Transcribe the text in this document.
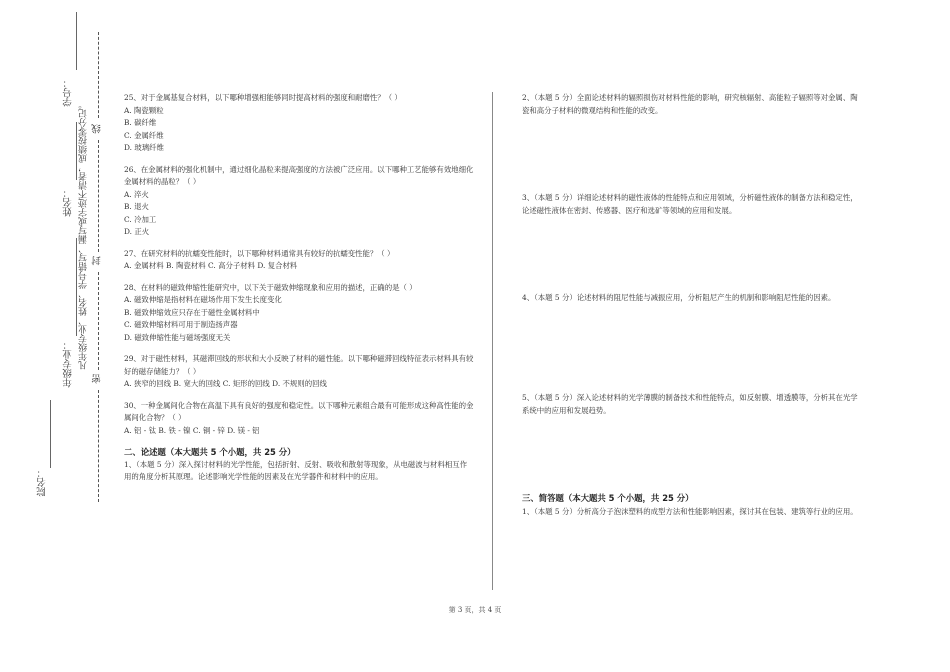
学号：
姓名：
年级专业：
院名：
凡年级专业、姓名、学号错写、漏写或字迹不清者，成绩按零分记。 线
封
密

25、对于金属基复合材料，以下哪种增强相能够同时提高材料的强度和耐磨性？（ ）

A. 陶瓷颗粒

B. 碳纤维

C. 金属纤维

D. 玻璃纤维

26、在金属材料的强化机制中，通过细化晶粒来提高强度的方法被广泛应用。以下哪种工艺能够有效地细化金属材料的晶粒？（ ）

A. 淬火

B. 退火

C. 冷加工

D. 正火

27、在研究材料的抗蠕变性能时，以下哪种材料通常具有较好的抗蠕变性能？（ ）

A. 金属材料 B. 陶瓷材料 C. 高分子材料 D. 复合材料

28、在材料的磁致伸缩性能研究中，以下关于磁致伸缩现象和应用的描述，正确的是（ ）

A. 磁致伸缩是指材料在磁场作用下发生长度变化

B. 磁致伸缩效应只存在于磁性金属材料中

C. 磁致伸缩材料可用于制造扬声器

D. 磁致伸缩性能与磁场强度无关

29、对于磁性材料，其磁滞回线的形状和大小反映了材料的磁性能。以下哪种磁滞回线特征表示材料具有较好的磁存储能力？（ ）

A. 狭窄的回线 B. 宽大的回线 C. 矩形的回线 D. 不规则的回线

30、一种金属间化合物在高温下具有良好的强度和稳定性。以下哪种元素组合最有可能形成这种高性能的金属间化合物？（ ）

A. 铝 - 钛 B. 铁 - 镍 C. 铜 - 锌 D. 镁 - 铝

二、论述题（本大题共 5 个小题，共 25 分）

1、（本题 5 分）深入探讨材料的光学性能，包括折射、反射、吸收和散射等现象，从电磁波与材料相互作用的角度分析其原理。论述影响光学性能的因素及在光学器件和材料中的应用。

2、（本题 5 分）全面论述材料的辐照损伤对材料性能的影响，研究核辐射、高能粒子辐照等对金属、陶瓷和高分子材料的微观结构和性能的改变。

3、（本题 5 分）详细论述材料的磁性液体的性能特点和应用领域，分析磁性液体的制备方法和稳定性，论述磁性液体在密封、传感器、医疗和选矿等领域的应用和发展。

4、（本题 5 分）论述材料的阻尼性能与减振应用，分析阻尼产生的机制和影响阻尼性能的因素。

5、（本题 5 分）深入论述材料的光学薄膜的制备技术和性能特点，如反射膜、增透膜等，分析其在光学系统中的应用和发展趋势。

三、简答题（本大题共 5 个小题，共 25 分）

1、（本题 5 分）分析高分子泡沫塑料的成型方法和性能影响因素，探讨其在包装、建筑等行业的应用。

第 3 页，共 4 页
